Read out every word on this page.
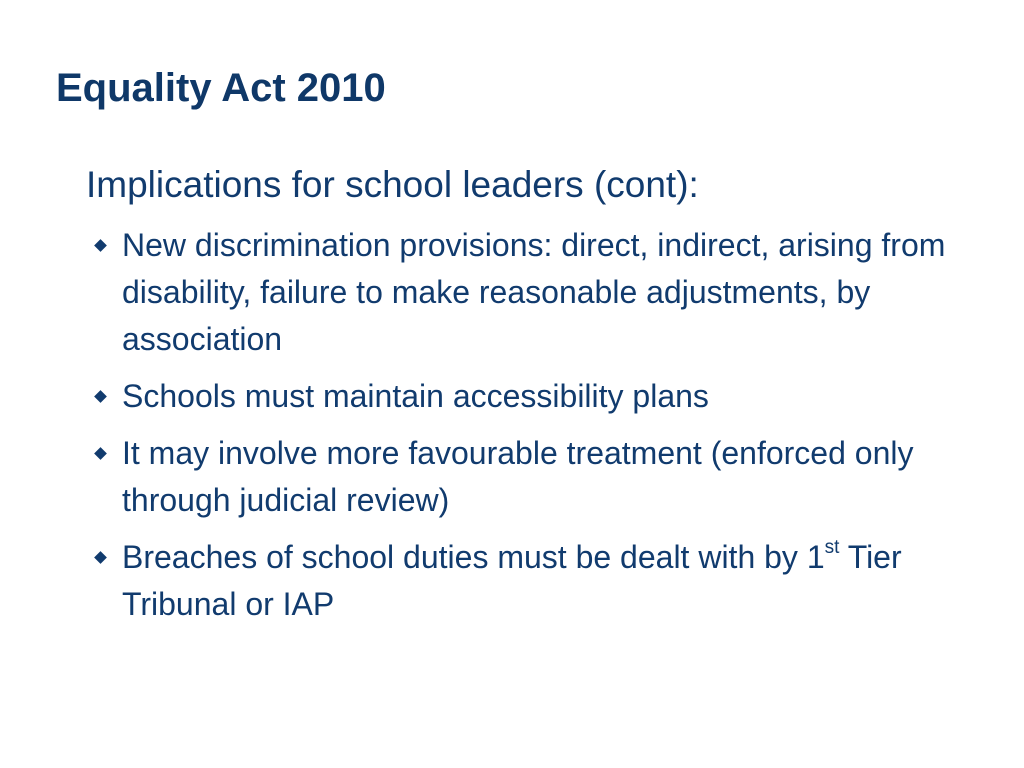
Equality Act 2010
Implications for school leaders (cont):
New discrimination provisions: direct, indirect, arising from disability, failure to make reasonable adjustments, by association
Schools must maintain accessibility plans
It may involve more favourable treatment (enforced only through judicial review)
Breaches of school duties must be dealt with by 1st Tier Tribunal or IAP
